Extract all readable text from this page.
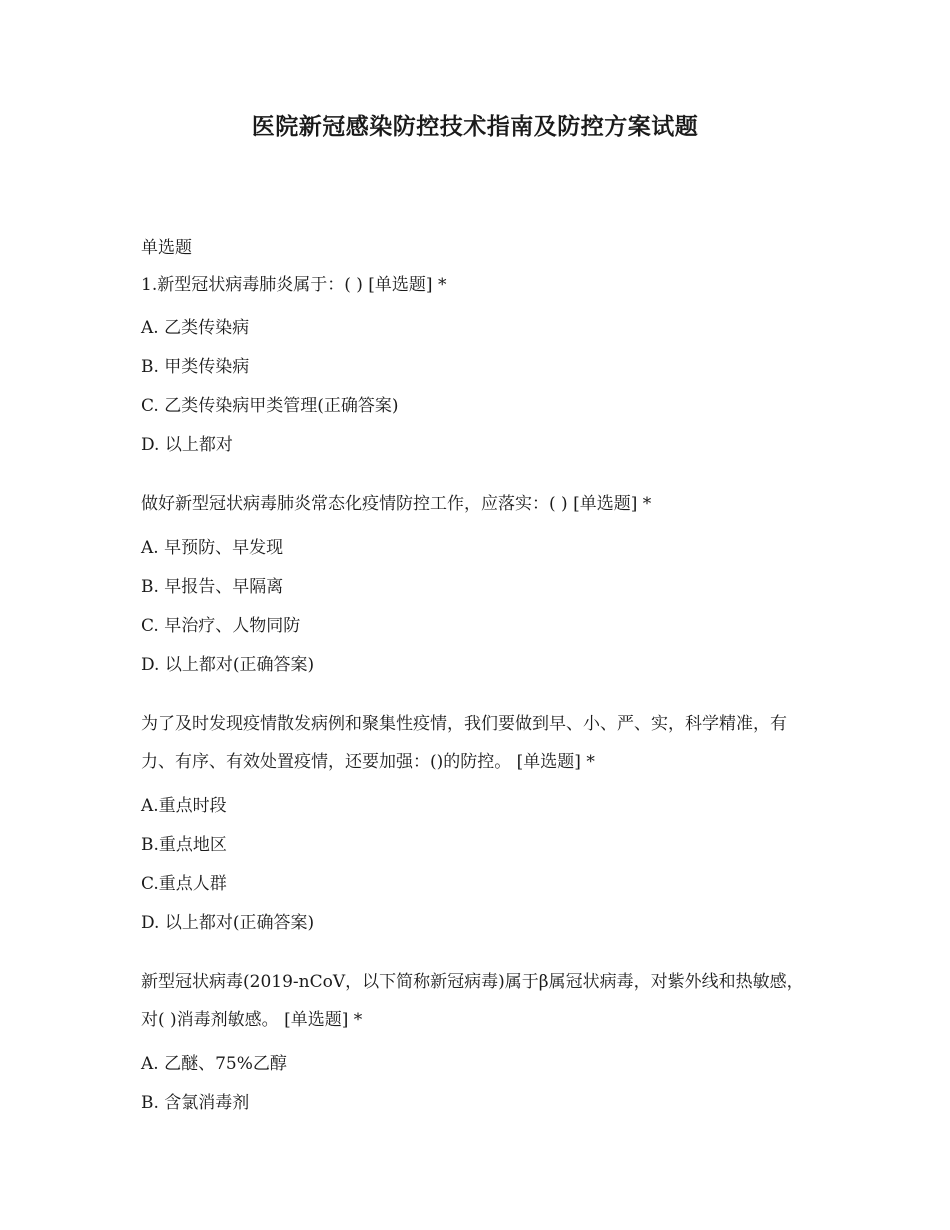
医院新冠感染防控技术指南及防控方案试题

单选题

1.新型冠状病毒肺炎属于：( ) [单选题] *

A. 乙类传染病

B. 甲类传染病

C. 乙类传染病甲类管理(正确答案)

D. 以上都对

做好新型冠状病毒肺炎常态化疫情防控工作，应落实：( ) [单选题] *

A. 早预防、早发现

B. 早报告、早隔离

C. 早治疗、人物同防

D. 以上都对(正确答案)

为了及时发现疫情散发病例和聚集性疫情，我们要做到早、小、严、实，科学精准，有力、有序、有效处置疫情，还要加强：()的防控。 [单选题] *

A.重点时段

B.重点地区

C.重点人群

D. 以上都对(正确答案)

新型冠状病毒(2019-nCoV，以下简称新冠病毒)属于β属冠状病毒，对紫外线和热敏感，对( )消毒剂敏感。 [单选题] *

A. 乙醚、75%乙醇

B. 含氯消毒剂
